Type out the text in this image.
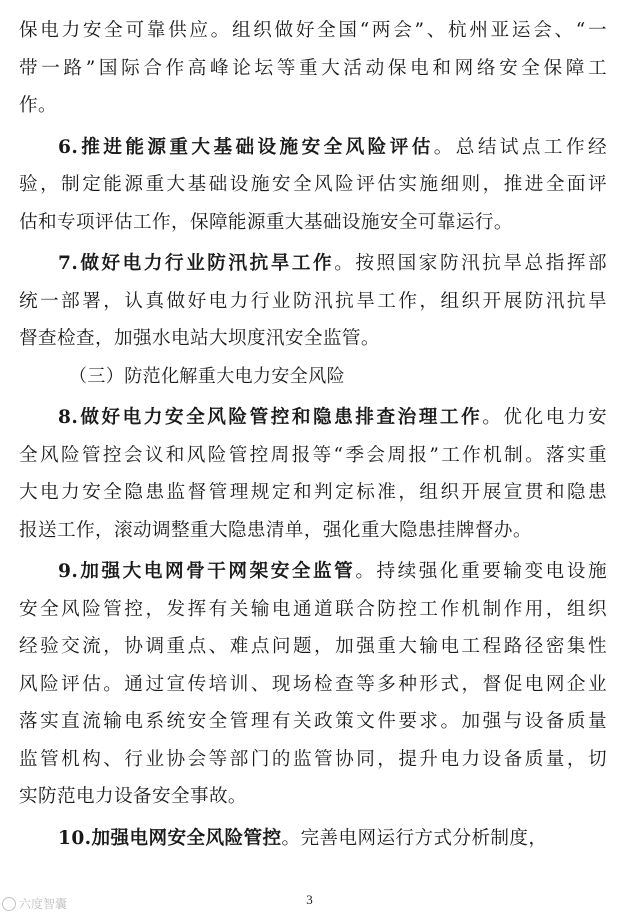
保电力安全可靠供应。组织做好全国“两会”、杭州亚运会、“一
带一路”国际合作高峰论坛等重大活动保电和网络安全保障工
作。
6.推进能源重大基础设施安全风险评估。总结试点工作经
验，制定能源重大基础设施安全风险评估实施细则，推进全面评
估和专项评估工作，保障能源重大基础设施安全可靠运行。
7.做好电力行业防汛抗旱工作。按照国家防汛抗旱总指挥部
统一部署，认真做好电力行业防汛抗旱工作，组织开展防汛抗旱
督查检查，加强水电站大坝度汛安全监管。
（三）防范化解重大电力安全风险
8.做好电力安全风险管控和隐患排查治理工作。优化电力安
全风险管控会议和风险管控周报等“季会周报”工作机制。落实重
大电力安全隐患监督管理规定和判定标准，组织开展宣贯和隐患
报送工作，滚动调整重大隐患清单，强化重大隐患挂牌督办。
9.加强大电网骨干网架安全监管。持续强化重要输变电设施
安全风险管控，发挥有关输电通道联合防控工作机制作用，组织
经验交流，协调重点、难点问题，加强重大输电工程路径密集性
风险评估。通过宣传培训、现场检查等多种形式，督促电网企业
落实直流输电系统安全管理有关政策文件要求。加强与设备质量
监管机构、行业协会等部门的监管协同，提升电力设备质量，切
实防范电力设备安全事故。
10.加强电网安全风险管控。完善电网运行方式分析制度，
六度智囊	3
